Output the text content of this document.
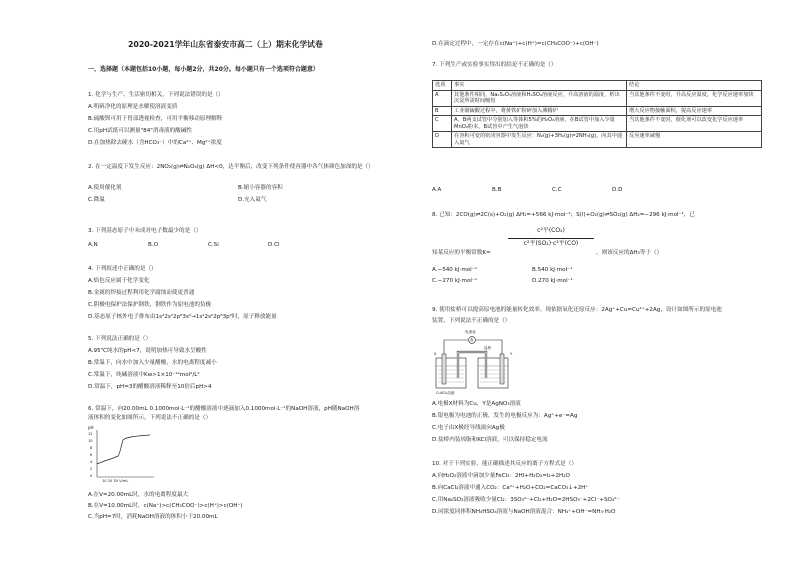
2020-2021学年山东省泰安市高二（上）期末化学试卷
一、选择题（本题包括10小题，每小题2分，共20分。每小题只有一个选项符合题意）
1. 化学与生产、生活密切相关，下列说法错误的是（）
A.明矾净化的原理是水解使溶液变质
B.硫酸钡可用于胃部透视检查，可用平衡移动原理解释
C.用pH试纸可以测量"84"消毒液的酸碱性
D.在加热除去硬水（含HCO₃⁻）中的Ca²⁺、Mg²⁺浓度
2. 在一定温度下发生反应：2NO₂(g)⇌N₂O₄(g) ΔH<0，达平衡后，改变下列条件使容器中各气体颜色加深的是（）
A.使用催化剂	B.缩小容器的容积
C.降温	D.充入氦气
3. 下列基态原子中未成对电子数最少的是（）
A.N	B.O	C.Si	D.Cl
4. 下列叙述中正确的是（）
A.焰色反应属于化学变化
B.金属的焊接过程利用化学腐蚀而使更普通
C.阴极电保护法保护钢铁，钢铁作为原电池的负极
D.基态原子核外电子排布由1s²2s²2p⁶3s²→1s²2s²2p⁶3p²时，原子释放能量
5. 下列说法正确的是（）
A.95℃纯水的pH<7，说明加热可导致水呈酸性
B.常温下，向水中加入少量醋酸，水的电离程度减小
C.常温下，纯碱溶液中Kw>1×10⁻¹⁴mol²/L²
D.常温下，pH=3的醋酸溶液稀释至10倍后pH>4
6. 常温下，向20.00mL 0.1000mol·L⁻¹的醋酸溶液中逐滴加入0.1000mol·L⁻¹的NaOH溶液，pH随NaOH溶
液体积的变化如图所示，下列说法不正确的是（）
pH
12
10
8
6
4
2
0
10 20 30 V/mL
A.在V=20.00mL时，水的电离程度最大
B.在V=10.00mL时，c(Na⁺)>c(CH₃COO⁻)>c(H⁺)>c(OH⁻)
C.当pH=7时，消耗NaOH溶液的体积小于20.00mL
D.在滴定过程中，一定存在c(Na⁺)+c(H⁺)=c(CH₃COO⁻)+c(OH⁻)
7. 下列生产或实验事实得出的结论不正确的是（）
选项	事实	结论
A	其他条件相同，Na₂S₂O₃溶液和H₂SO₄溶液反应，升高溶液的温度，析出沉淀所需时间缩短	当其他条件不变时，升高反应温度，化学反应速率加快
B	工业制硫酸过程中，将黄铁矿粉碎加入沸腾炉	增大反应物接触面积，提高反应速率
C	A、B两支试管中分别加入等体积5%的H₂O₂溶液，在B试管中加入少量MnO₂粉末，B试管中产生气泡快	当其他条件不变时，催化剂可以改变化学反应速率
D	在容积可变的密闭容器中发生反应：N₂(g)+3H₂(g)⇌2NH₃(g)，向其中通入氦气	反应速率减慢
A.A	B.B	C.C	D.D
8. 已知：2CO(g)⇌2C(s)+O₂(g) ΔH₁=+566 kJ·mol⁻¹；S(l)+O₂(g)⇌SO₂(g) ΔH₂=−296 kJ·mol⁻¹，已
知某反应的平衡常数K=
c²平(CO₂)
c²平(SO₂)·c²平(CO)
，则该反应的ΔH₃等于（）
A.−540 kJ·mol⁻¹	B.540 kJ·mol⁻¹
C.−270 kJ·mol⁻¹	D.270 kJ·mol⁻¹
9. 使用盐桥可以提高原电池的能量转化效率。现依据氧化还原反应：2Ag⁺+Cu=Cu²⁺+2Ag，设计如图所示的原电池
装置，下列说法不正确的是（）
电流表
X	Y
盐桥
CuSO₄溶液
A
A.电极X材料为Cu，Y是AgNO₃溶液
B.银电极为电池的正极，发生的电极反应为：Ag⁺+e⁻=Ag
C.电子由X极经导线流向Ag极
D.盐桥内装琼脂和KCl溶液，可以保持稳定电流
10. 对于下列实验，能正确描述其反应的离子方程式是（）
A.向H₂O₂溶液中滴加少量FeCl₃：2HI+H₂O₂=I₂+2H₂O
B.向CaCl₂溶液中通入CO₂：Ca²⁺+H₂O+CO₂=CaCO₃↓+2H⁺
C.用Na₂SO₃溶液吸收少量Cl₂：3SO₃²⁻+Cl₂+H₂O=2HSO₃⁻+2Cl⁻+SO₄²⁻
D.同浓度同体积NH₄HSO₄溶液与NaOH溶液混合：NH₄⁺+OH⁻=NH₃·H₂O
